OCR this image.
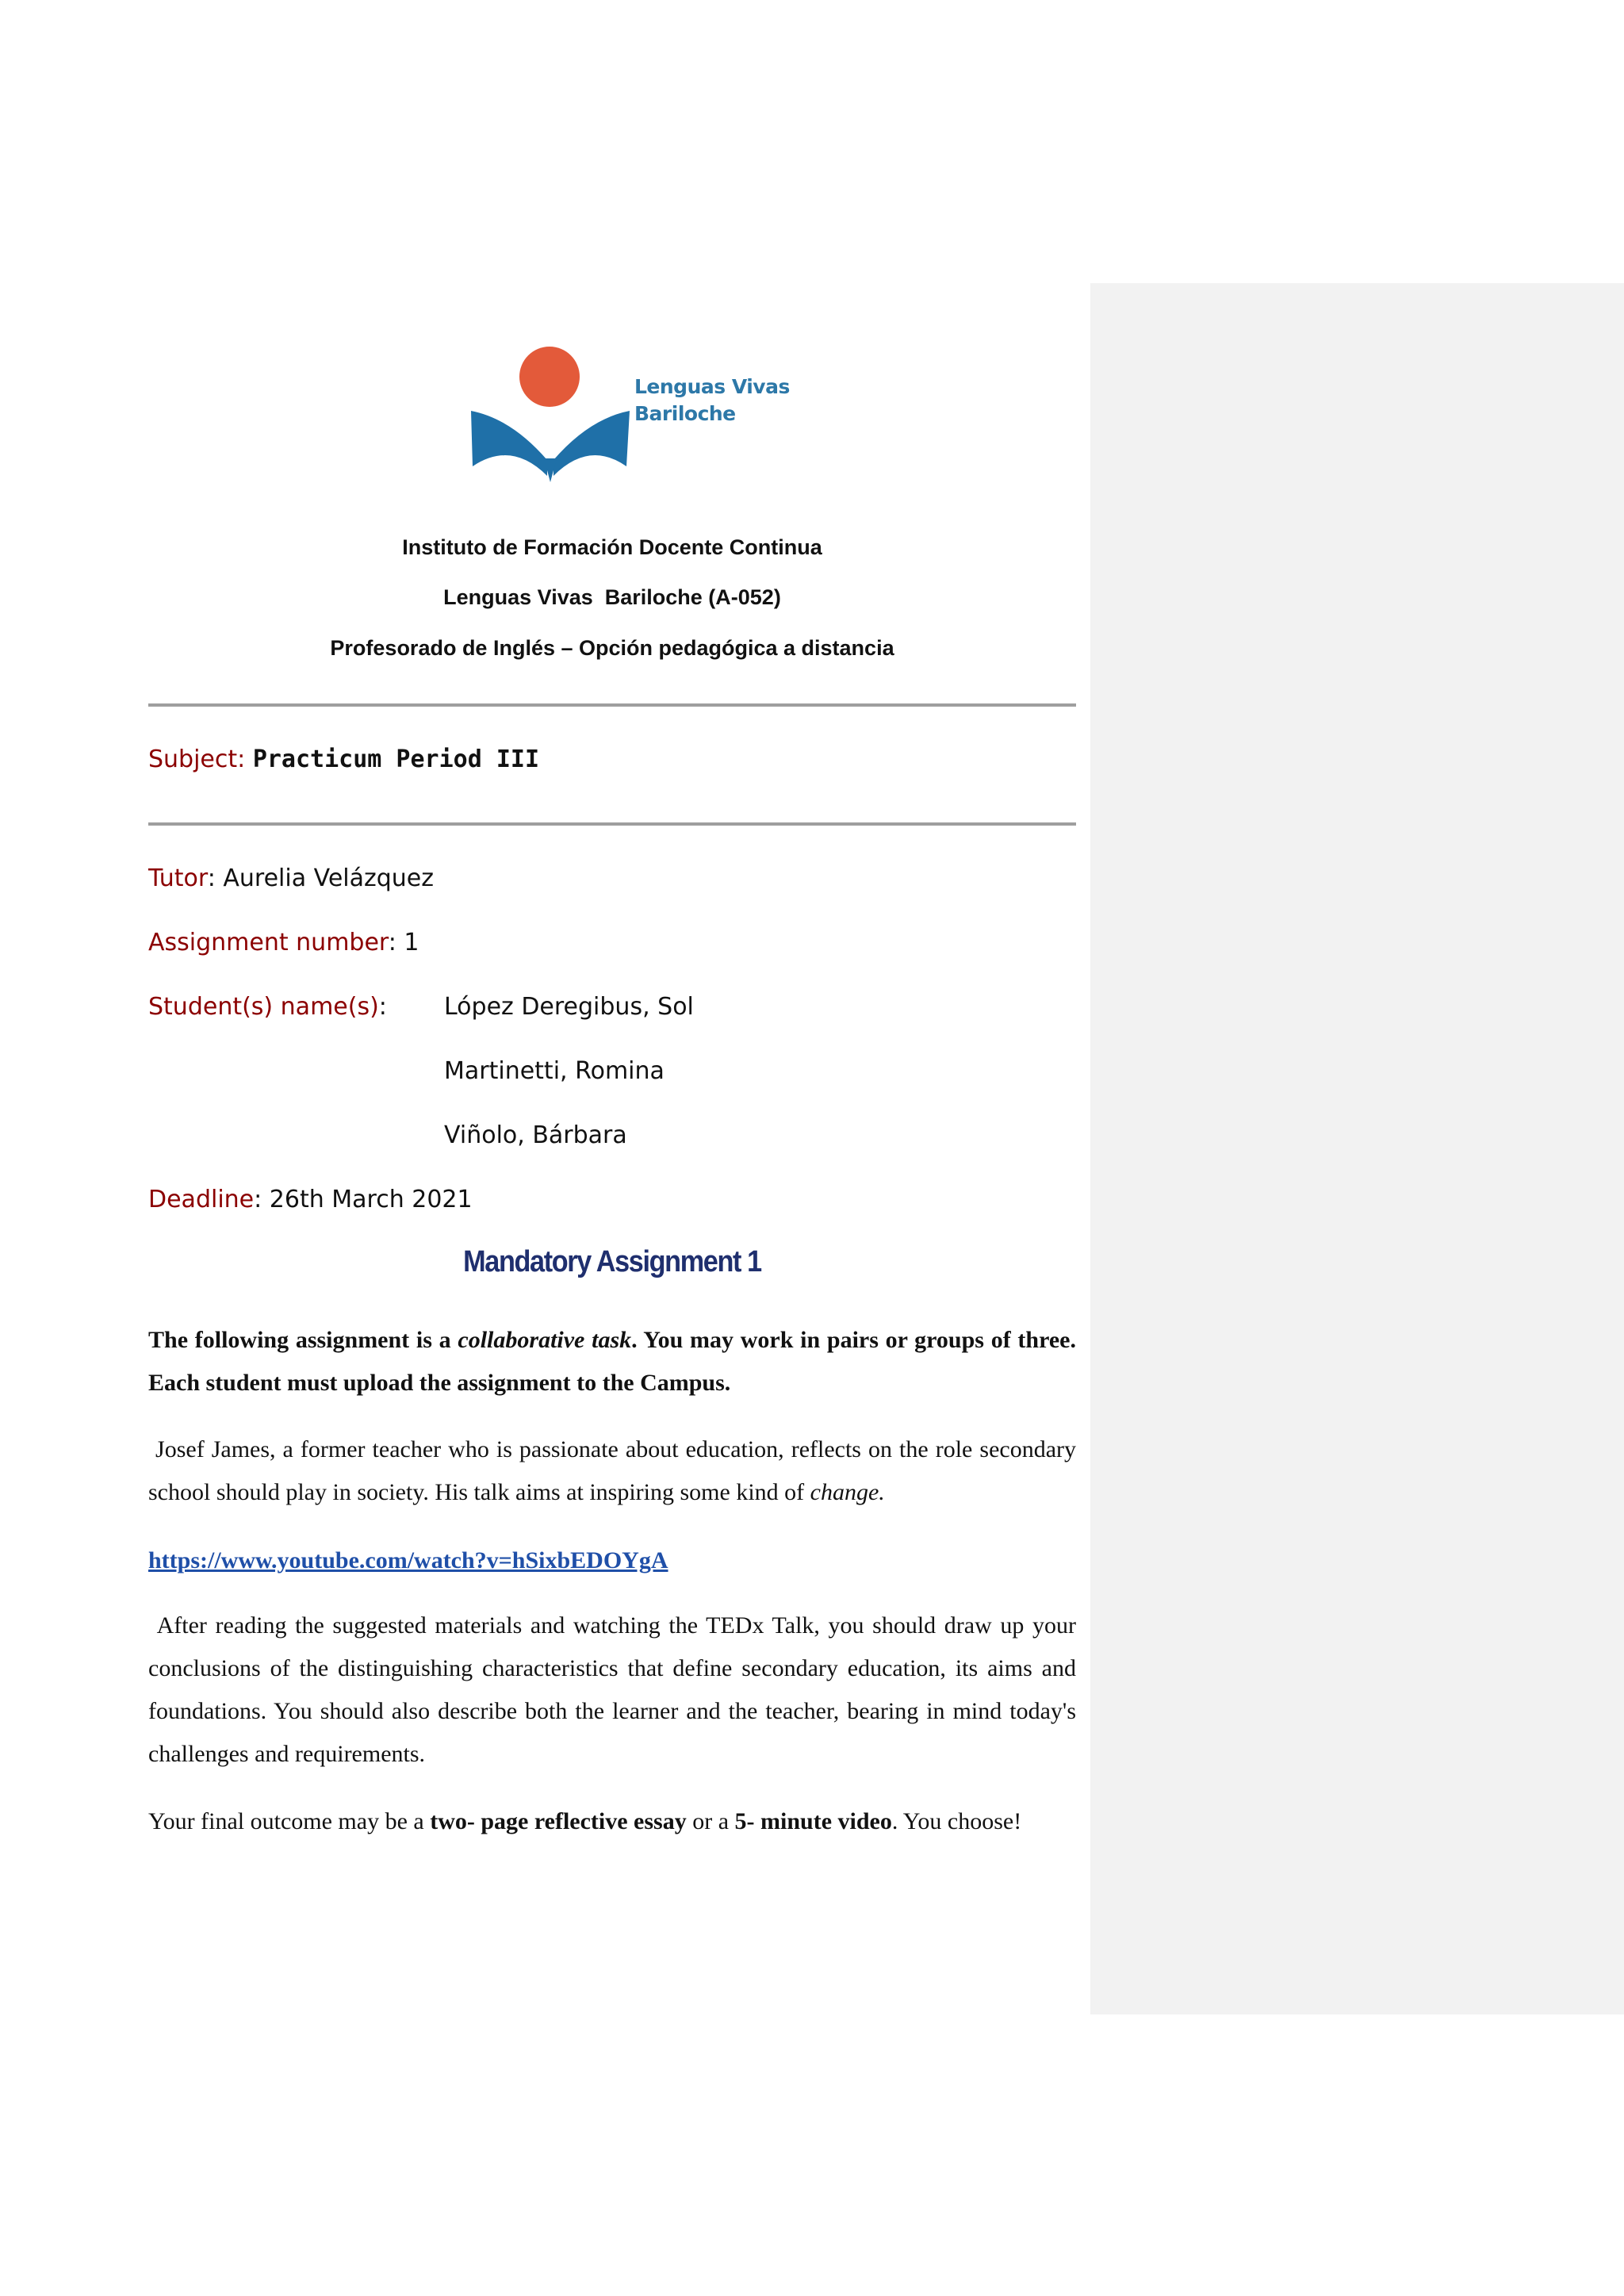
Lenguas Vivas
Bariloche
Instituto de Formación Docente Continua
Lenguas Vivas  Bariloche (A-052)
Profesorado de Inglés – Opción pedagógica a distancia
Subject: Practicum Period III
Tutor: Aurelia Velázquez
Assignment number: 1
Student(s) name(s): López Deregibus, Sol
Martinetti, Romina
Viñolo, Bárbara
Deadline: 26th March 2021
Mandatory Assignment 1
The following assignment is a collaborative task. You may work in pairs or groups of three. Each student must upload the assignment to the Campus.
Josef James, a former teacher who is passionate about education, reflects on the role secondary school should play in society. His talk aims at inspiring some kind of change.
https://www.youtube.com/watch?v=hSixbEDOYgA
After reading the suggested materials and watching the TEDx Talk, you should draw up your conclusions of the distinguishing characteristics that define secondary education, its aims and foundations. You should also describe both the learner and the teacher, bearing in mind today's challenges and requirements.
Your final outcome may be a two- page reflective essay or a 5- minute video. You choose!
